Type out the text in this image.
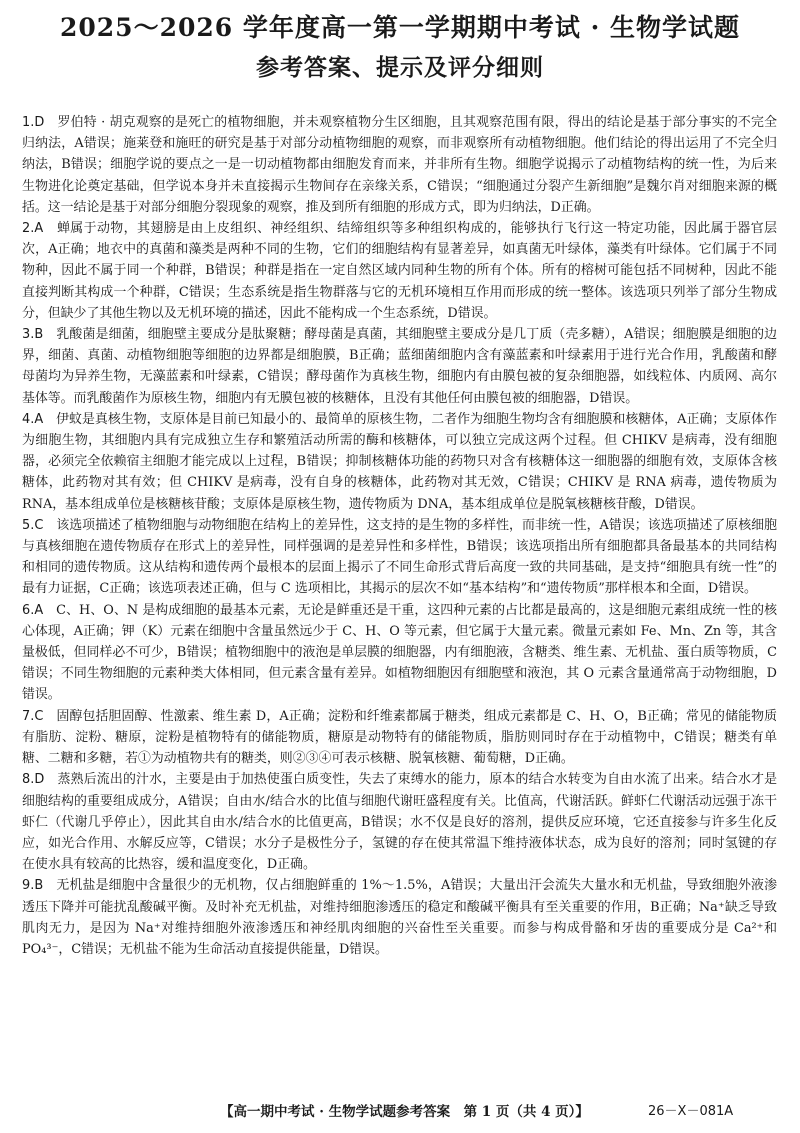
2025～2026 学年度高一第一学期期中考试 · 生物学试题
参考答案、提示及评分细则

1.D　 罗伯特 · 胡克观察的是死亡的植物细胞，并未观察植物分生区细胞，且其观察范围有限，得出的结论是基于部分事实的不完全归纳法，A错误；施莱登和施旺的研究是基于对部分动植物细胞的观察，而非观察所有动植物细胞。他们结论的得出运用了不完全归纳法，B错误；细胞学说的要点之一是一切动植物都由细胞发育而来，并非所有生物。细胞学说揭示了动植物结构的统一性，为后来生物进化论奠定基础，但学说本身并未直接揭示生物间存在亲缘关系，C错误；“细胞通过分裂产生新细胞”是魏尔肖对细胞来源的概括。这一结论是基于对部分细胞分裂现象的观察，推及到所有细胞的形成方式，即为归纳法，D正确。

2.A　 蝉属于动物，其翅膀是由上皮组织、神经组织、结缔组织等多种组织构成的，能够执行飞行这一特定功能，因此属于器官层次，A正确；地衣中的真菌和藻类是两种不同的生物，它们的细胞结构有显著差异，如真菌无叶绿体，藻类有叶绿体。它们属于不同物种，因此不属于同一个种群，B错误；种群是指在一定自然区域内同种生物的所有个体。所有的榕树可能包括不同树种，因此不能直接判断其构成一个种群，C错误；生态系统是指生物群落与它的无机环境相互作用而形成的统一整体。该选项只列举了部分生物成分，但缺少了其他生物以及无机环境的描述，因此不能构成一个生态系统，D错误。

3.B　 乳酸菌是细菌，细胞壁主要成分是肽聚糖；酵母菌是真菌，其细胞壁主要成分是几丁质（壳多糖），A错误；细胞膜是细胞的边界，细菌、真菌、动植物细胞等细胞的边界都是细胞膜，B正确；蓝细菌细胞内含有藻蓝素和叶绿素用于进行光合作用，乳酸菌和酵母菌均为异养生物，无藻蓝素和叶绿素，C错误；酵母菌作为真核生物，细胞内有由膜包被的复杂细胞器，如线粒体、内质网、高尔基体等。而乳酸菌作为原核生物，细胞内有无膜包被的核糖体，且没有其他任何由膜包被的细胞器，D错误。

4.A　 伊蚊是真核生物，支原体是目前已知最小的、最简单的原核生物，二者作为细胞生物均含有细胞膜和核糖体，A正确；支原体作为细胞生物，其细胞内具有完成独立生存和繁殖活动所需的酶和核糖体，可以独立完成这两个过程。但 CHIKV 是病毒，没有细胞器，必须完全依赖宿主细胞才能完成以上过程，B错误；抑制核糖体功能的药物只对含有核糖体这一细胞器的细胞有效，支原体含核糖体，此药物对其有效；但 CHIKV 是病毒，没有自身的核糖体，此药物对其无效，C错误；CHIKV 是 RNA 病毒，遗传物质为 RNA，基本组成单位是核糖核苷酸；支原体是原核生物，遗传物质为 DNA，基本组成单位是脱氧核糖核苷酸，D错误。

5.C　 该选项描述了植物细胞与动物细胞在结构上的差异性，这支持的是生物的多样性，而非统一性，A错误；该选项描述了原核细胞与真核细胞在遗传物质存在形式上的差异性，同样强调的是差异性和多样性，B错误；该选项指出所有细胞都具备最基本的共同结构和相同的遗传物质。这从结构和遗传两个最根本的层面上揭示了不同生命形式背后高度一致的共同基础，是支持“细胞具有统一性”的最有力证据，C正确；该选项表述正确，但与 C 选项相比，其揭示的层次不如“基本结构”和“遗传物质”那样根本和全面，D错误。

6.A　 C、H、O、N 是构成细胞的最基本元素，无论是鲜重还是干重，这四种元素的占比都是最高的，这是细胞元素组成统一性的核心体现，A正确；钾（K）元素在细胞中含量虽然远少于 C、H、O 等元素，但它属于大量元素。微量元素如 Fe、Mn、Zn 等，其含量极低，但同样必不可少，B错误；植物细胞中的液泡是单层膜的细胞器，内有细胞液，含糖类、维生素、无机盐、蛋白质等物质，C错误；不同生物细胞的元素种类大体相同，但元素含量有差异。如植物细胞因有细胞壁和液泡，其 O 元素含量通常高于动物细胞，D错误。

7.C　 固醇包括胆固醇、性激素、维生素 D，A正确；淀粉和纤维素都属于糖类，组成元素都是 C、H、O，B正确；常见的储能物质有脂肪、淀粉、糖原，淀粉是植物特有的储能物质，糖原是动物特有的储能物质，脂肪则同时存在于动植物中，C错误；糖类有单糖、二糖和多糖，若①为动植物共有的糖类，则②③④可表示核糖、脱氧核糖、葡萄糖，D正确。

8.D　 蒸熟后流出的汁水，主要是由于加热使蛋白质变性，失去了束缚水的能力，原本的结合水转变为自由水流了出来。结合水才是细胞结构的重要组成成分，A错误；自由水/结合水的比值与细胞代谢旺盛程度有关。比值高，代谢活跃。鲜虾仁代谢活动远强于冻干虾仁（代谢几乎停止），因此其自由水/结合水的比值更高，B错误；水不仅是良好的溶剂，提供反应环境，它还直接参与许多生化反应，如光合作用、水解反应等，C错误；水分子是极性分子，氢键的存在使其常温下维持液体状态，成为良好的溶剂；同时氢键的存在使水具有较高的比热容，缓和温度变化，D正确。

9.B　 无机盐是细胞中含量很少的无机物，仅占细胞鲜重的 1%～1.5%，A错误；大量出汗会流失大量水和无机盐，导致细胞外液渗透压下降并可能扰乱酸碱平衡。及时补充无机盐，对维持细胞渗透压的稳定和酸碱平衡具有至关重要的作用，B正确；Na⁺缺乏导致肌肉无力，是因为 Na⁺对维持细胞外液渗透压和神经肌肉细胞的兴奋性至关重要。而参与构成骨骼和牙齿的重要成分是 Ca²⁺和 PO₄³⁻，C错误；无机盐不能为生命活动直接提供能量，D错误。

【高一期中考试 · 生物学试题参考答案　第 1 页（共 4 页）】	26－X－081A
